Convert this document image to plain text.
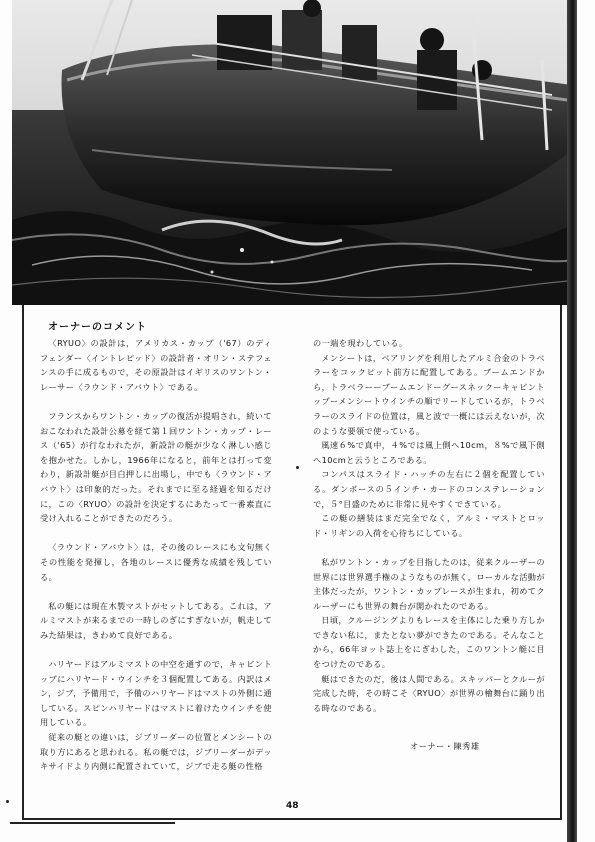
オーナーのコメント

〈RYUO〉の設計は，アメリカス・カップ（'67）のディフェンダー〈イントレピッド〉の設計者・オリン・ステフェンスの手に成るもので，その原設計はイギリスのワントン・レーサー〈ラウンド・アバウト〉である。

フランスからワントン・カップの復活が提唱され，続いておこなわれた設計公募を経て第１回ワントン・カップ・レース（'65）が行なわれたが，新設計の艇が少なく淋しい感じを抱かせた。しかし，1966年になると，前年とは打って変わり，新設計艇が目白押しに出場し，中でも〈ラウンド・アバウト〉は印象的だった。それまでに至る経過を知るだけに，この〈RYUO〉の設計を決定するにあたって一番素直に受け入れることができたのだろう。

〈ラウンド・アバウト〉は，その後のレースにも文句無くその性能を発揮し，各地のレースに優秀な成績を残している。

私の艇には現在木製マストがセットしてある。これは，アルミマストが来るまでの一時しのぎにすぎないが，帆走してみた結果は，きわめて良好である。

ハリヤードはアルミマストの中空を通すので，キャビントップにハリヤード・ウインチを３個配置してある。内訳はメン，ジブ，予備用で，予備のハリヤードはマストの外側に通している。スピンハリヤードはマストに着けたウインチを使用している。

従来の艇との違いは，ジブリーダーの位置とメンシートの取り方にあると思われる。私の艇では，ジブリーダーがデッキサイドより内側に配置されていて，ジブで走る艇の性格

の一端を現わしている。

メンシートは，ベアリングを利用したアルミ合金のトラベラーをコックピット前方に配置してある。ブームエンドから，トラベラーーブームエンドーグースネックーキャビントップーメンシートウインチの順でリードしているが，トラベラーのスライドの位置は，風と波で一概には云えないが，次のような要領で使っている。

風速６%で真中，４%では風上側へ10cm，８%で風下側へ10cmと云うところである。

コンパスはスライド・ハッチの左右に２個を配置している。ダンボースの５インチ・カードのコンステレーションで，５°目盛のために非常に見やすくできている。

この艇の繕装はまだ完全でなく，アルミ・マストとロッド・リギンの入荷を心待ちにしている。

私がワントン・カップを目指したのは，従来クルーザーの世界には世界選手権のようなものが無く，ローカルな活動が主体だったが，ワントン・カップレースが生まれ，初めてクルーザーにも世界の舞台が開かれたのである。

日頃，クルージングよりもレースを主体にした乗り方しかできない私に，またとない夢ができたのである。そんなことから，66年ヨット誌上をにぎわした，このワントン艇に目をつけたのである。

艇はできたのだ，後は人間である。スキッパーとクルーが完成した時，その時こそ〈RYUO〉が世界の檜舞台に踊り出る時なのである。

オーナー・陳秀雄
48
